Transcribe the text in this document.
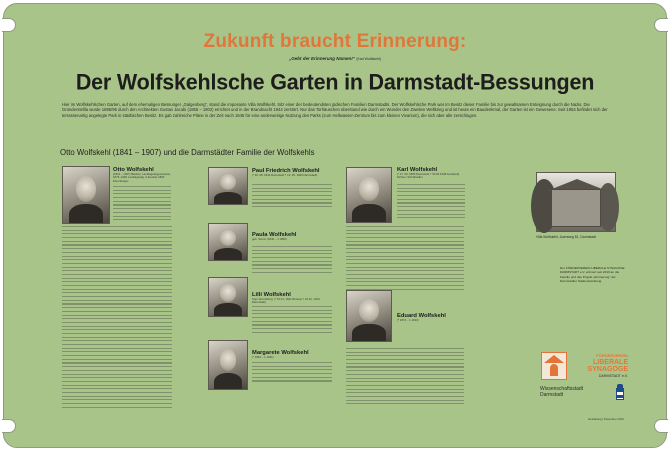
Zukunft braucht Erinnerung:
„Gebt der Erinnerung Namen!“ (Karl Wolfskehl)
Der Wolfskehlsche Garten in Darmstadt-Bessungen
Hier im Wolfskehlschen Garten, auf dem ehemaligen Bessunger „Galgenberg“, stand die imposante Villa Wolfskehl. Sitz einer der bedeutendsten jüdischen Familien Darmstadts. Der Wolfskehlsche Park war im Besitz dieser Familie bis zur gewaltsamen Enteignung durch die Nazis. Die Gründerstellla wurde 1895/96 durch den Architekten Gustav Jacobi (1855 – 1902) errichtet und in der Brandnacht 1944 zerstört. Nur das Torhäuschen überstand wie durch ein Wunder den Zweiten Weltkrieg und ist heute ein Baudenkmal, der Garten ist ein Gewesene. Seit 1954 befindet sich der terrassenartig angelegte Park in städtischen Besitz. Es gab zahlreiche Pläne in der Zeit nach 1945 für eine anderweitige Nutzung des Parks (zum Hellwasser-Zentrum bis zum kleinen Vivarium), die sich aber alle zerschlugen.
Otto Wolfskehl (1841 – 1907) und die Darmstädter Familie der Wolfskehls
Otto Wolfskehl
(1841 – 1907) Bankier, Landtagsabgeordneter, 1879–1906 Landtagsabg. (Liberale) 1893 Ehrenbürger
Paul Friedrich Wolfskehl
(* 30. 08. 1842 Darmstadt † 13. 09. 1906 Darmstadt)
Paula Wolfskehl
geb. Simon (1846 – 1 1869)
Lilli Wolfskehl
Sopr. Einzelbürg. (* 15.01. 1841 Brüssel † 18.10. 1919 Darmstadt)
Margarete Wolfskehl
(* 1864 – 1 1941)
Karl Wolfskehl
(* 17. 09. 1869 Darmstadt † 30.06.1948 Auckland) Dichter, Schriftsteller
Eduard Wolfskehl
(* 1874 – 1 1943)
Villa Wolfskehl, Auenweg 81, Darmstadt
Der FÖRDERVEREIN LIBERALE SYNAGOGE DARMSTADT e.V. erinnert seit 2019 an die Familie und das Projekt „Erinnerung“ der Darmstädter Stadtentwicklung.
FÖRDERVEREIN
LIBERALE
SYNAGOGE
DARMSTADT e.V.
Wissenschaftsstadt
Darmstadt
Gestaltung | November 2019
